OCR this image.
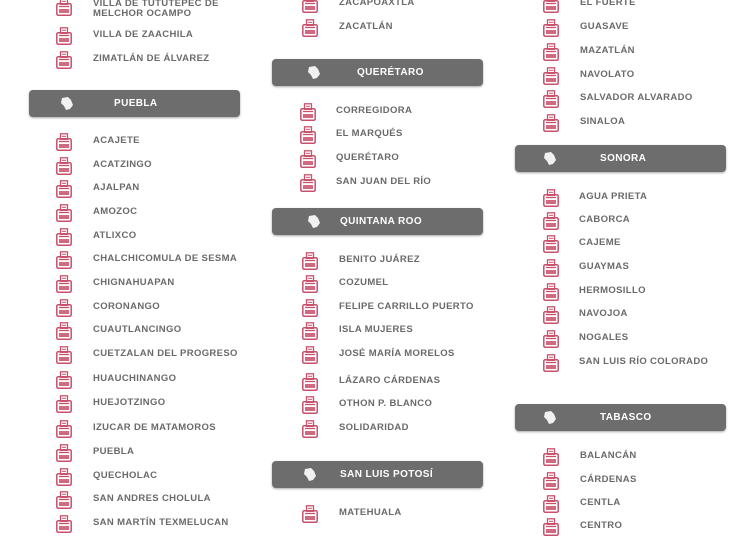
VILLA DE TUTUTEPEC DE MELCHOR OCAMPO
VILLA DE ZAACHILA
ZIMATLÁN DE ÁLVAREZ
PUEBLA
ACAJETE
ACATZINGO
AJALPAN
AMOZOC
ATLIXCO
CHALCHICOMULA DE SESMA
CHIGNAHUAPAN
CORONANGO
CUAUTLANCINGO
CUETZALAN DEL PROGRESO
HUAUCHINANGO
HUEJOTZINGO
IZUCAR DE MATAMOROS
PUEBLA
QUECHOLAC
SAN ANDRES CHOLULA
SAN MARTÍN TEXMELUCAN
ZACAPOAXTLA
ZACATLÁN
QUERÉTARO
CORREGIDORA
EL MARQUÉS
QUERÉTARO
SAN JUAN DEL RÍO
QUINTANA ROO
BENITO JUÁREZ
COZUMEL
FELIPE CARRILLO PUERTO
ISLA MUJERES
JOSÉ MARÍA MORELOS
LÁZARO CÁRDENAS
OTHON P. BLANCO
SOLIDARIDAD
SAN LUIS POTOSÍ
MATEHUALA
EL FUERTE
GUASAVE
MAZATLÁN
NAVOLATO
SALVADOR ALVARADO
SINALOA
SONORA
AGUA PRIETA
CABORCA
CAJEME
GUAYMAS
HERMOSILLO
NAVOJOA
NOGALES
SAN LUIS RÍO COLORADO
TABASCO
BALANCÁN
CÁRDENAS
CENTLA
CENTRO
